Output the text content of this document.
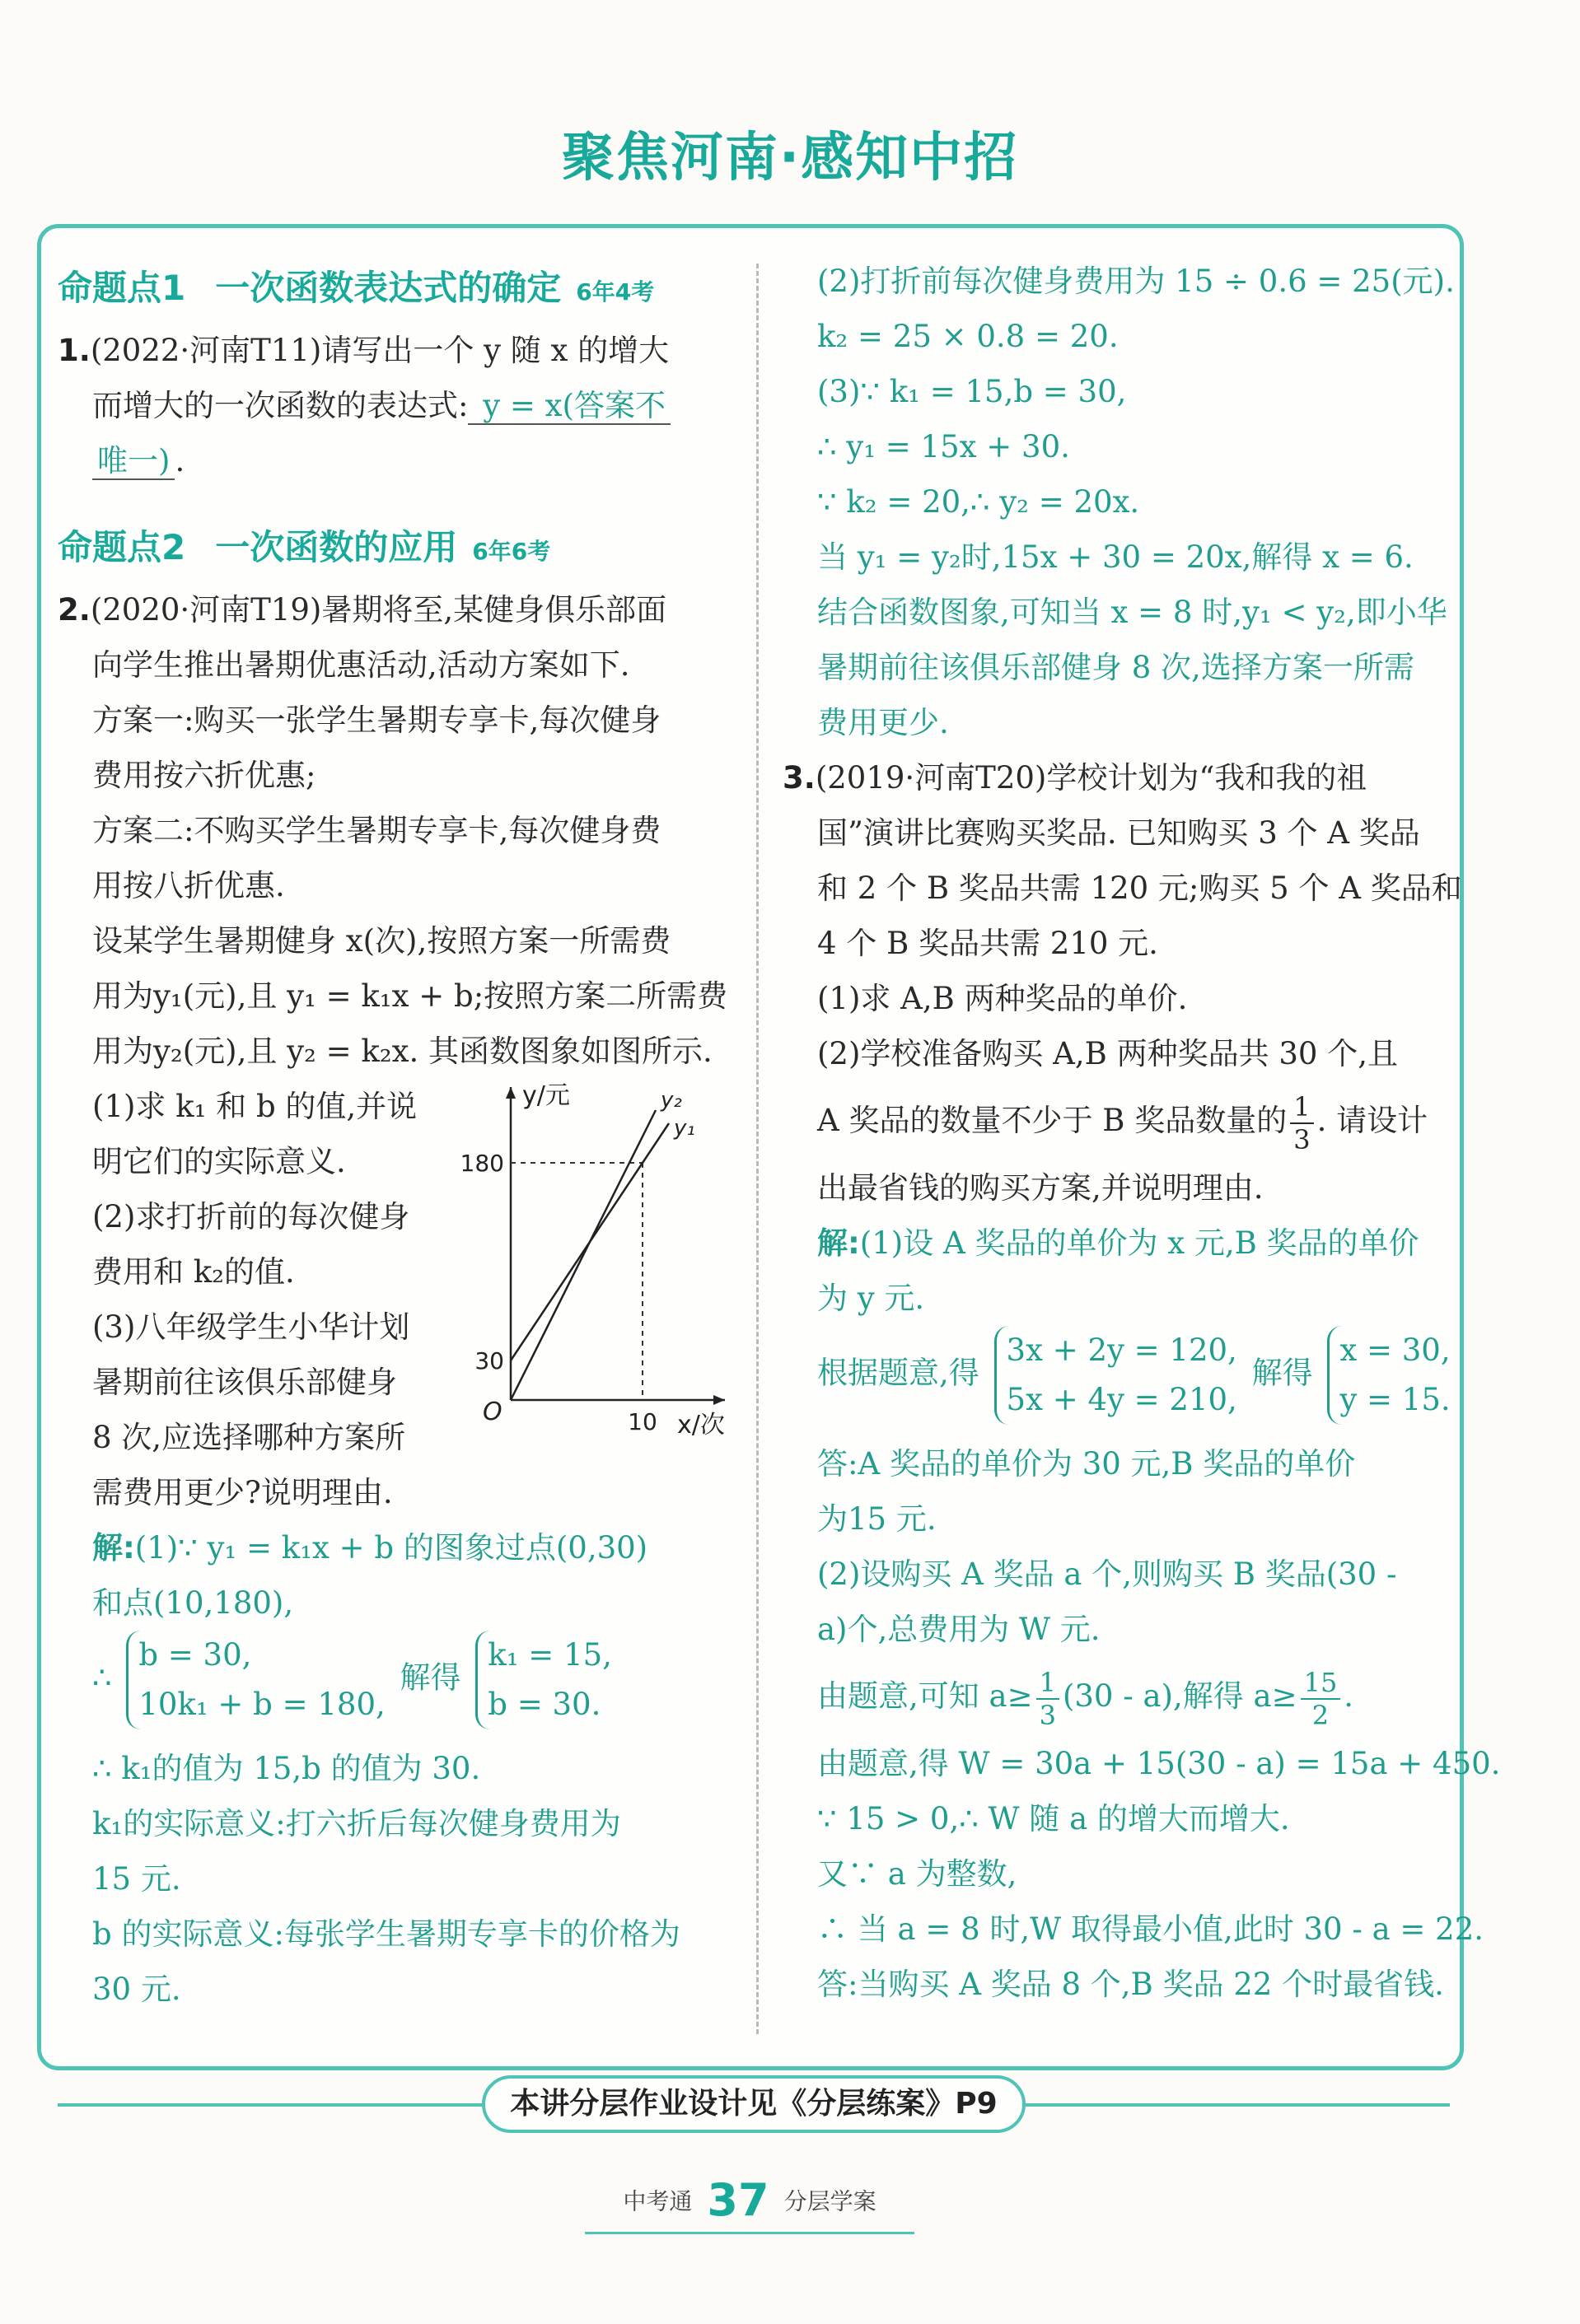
聚焦河南·感知中招
命题点1 一次函数表达式的确定 6年4考
1.(2022·河南T11)请写出一个 y 随 x 的增大
而增大的一次函数的表达式: y = x(答案不
唯一) .
命题点2 一次函数的应用 6年6考
2.(2020·河南T19)暑期将至,某健身俱乐部面
向学生推出暑期优惠活动,活动方案如下.
方案一:购买一张学生暑期专享卡,每次健身
费用按六折优惠;
方案二:不购买学生暑期专享卡,每次健身费
用按八折优惠.
设某学生暑期健身 x(次),按照方案一所需费
用为y₁(元),且 y₁ = k₁x + b;按照方案二所需费
用为y₂(元),且 y₂ = k₂x. 其函数图象如图所示.
(1)求 k₁ 和 b 的值,并说
明它们的实际意义.
(2)求打折前的每次健身
费用和 k₂的值.
(3)八年级学生小华计划
暑期前往该俱乐部健身
8 次,应选择哪种方案所
需费用更少?说明理由.
解:(1)∵ y₁ = k₁x + b 的图象过点(0,30)
和点(10,180),
∴ b = 30,
10k₁ + b = 180, 解得 k₁ = 15,
b = 30.
∴ k₁的值为 15,b 的值为 30.
k₁的实际意义:打六折后每次健身费用为
15 元.
b 的实际意义:每张学生暑期专享卡的价格为
30 元.
y/元
x/次
O
30
180
10
y₁
y₂
(2)打折前每次健身费用为 15 ÷ 0.6 = 25(元).
k₂ = 25 × 0.8 = 20.
(3)∵ k₁ = 15,b = 30,
∴ y₁ = 15x + 30.
∵ k₂ = 20,∴ y₂ = 20x.
当 y₁ = y₂时,15x + 30 = 20x,解得 x = 6.
结合函数图象,可知当 x = 8 时,y₁ < y₂,即小华
暑期前往该俱乐部健身 8 次,选择方案一所需
费用更少.
3.(2019·河南T20)学校计划为“我和我的祖
国”演讲比赛购买奖品. 已知购买 3 个 A 奖品
和 2 个 B 奖品共需 120 元;购买 5 个 A 奖品和
4 个 B 奖品共需 210 元.
(1)求 A,B 两种奖品的单价.
(2)学校准备购买 A,B 两种奖品共 30 个,且
A 奖品的数量不少于 B 奖品数量的 $\frac{1}{3}$ . 请设计
出最省钱的购买方案,并说明理由.
解:(1)设 A 奖品的单价为 x 元,B 奖品的单价
为 y 元.
根据题意,得 3x + 2y = 120,
5x + 4y = 210, 解得 x = 30,
y = 15.
答:A 奖品的单价为 30 元,B 奖品的单价
为15 元.
(2)设购买 A 奖品 a 个,则购买 B 奖品(30 -
a)个,总费用为 W 元.
由题意,可知 $a\ge \frac{1}{3} (30 - a)$,解得 $a\ge \frac{15}{2}$ .
由题意,得 W = 30a + 15(30 - a) = 15a + 450.
∵ 15 > 0,∴ W 随 a 的增大而增大.
又∵ a 为整数,
∴ 当 a = 8 时,W 取得最小值,此时 30 - a = 22.
答:当购买 A 奖品 8 个,B 奖品 22 个时最省钱.
本讲分层作业设计见《分层练案》P9
中考通 37 分层学案
